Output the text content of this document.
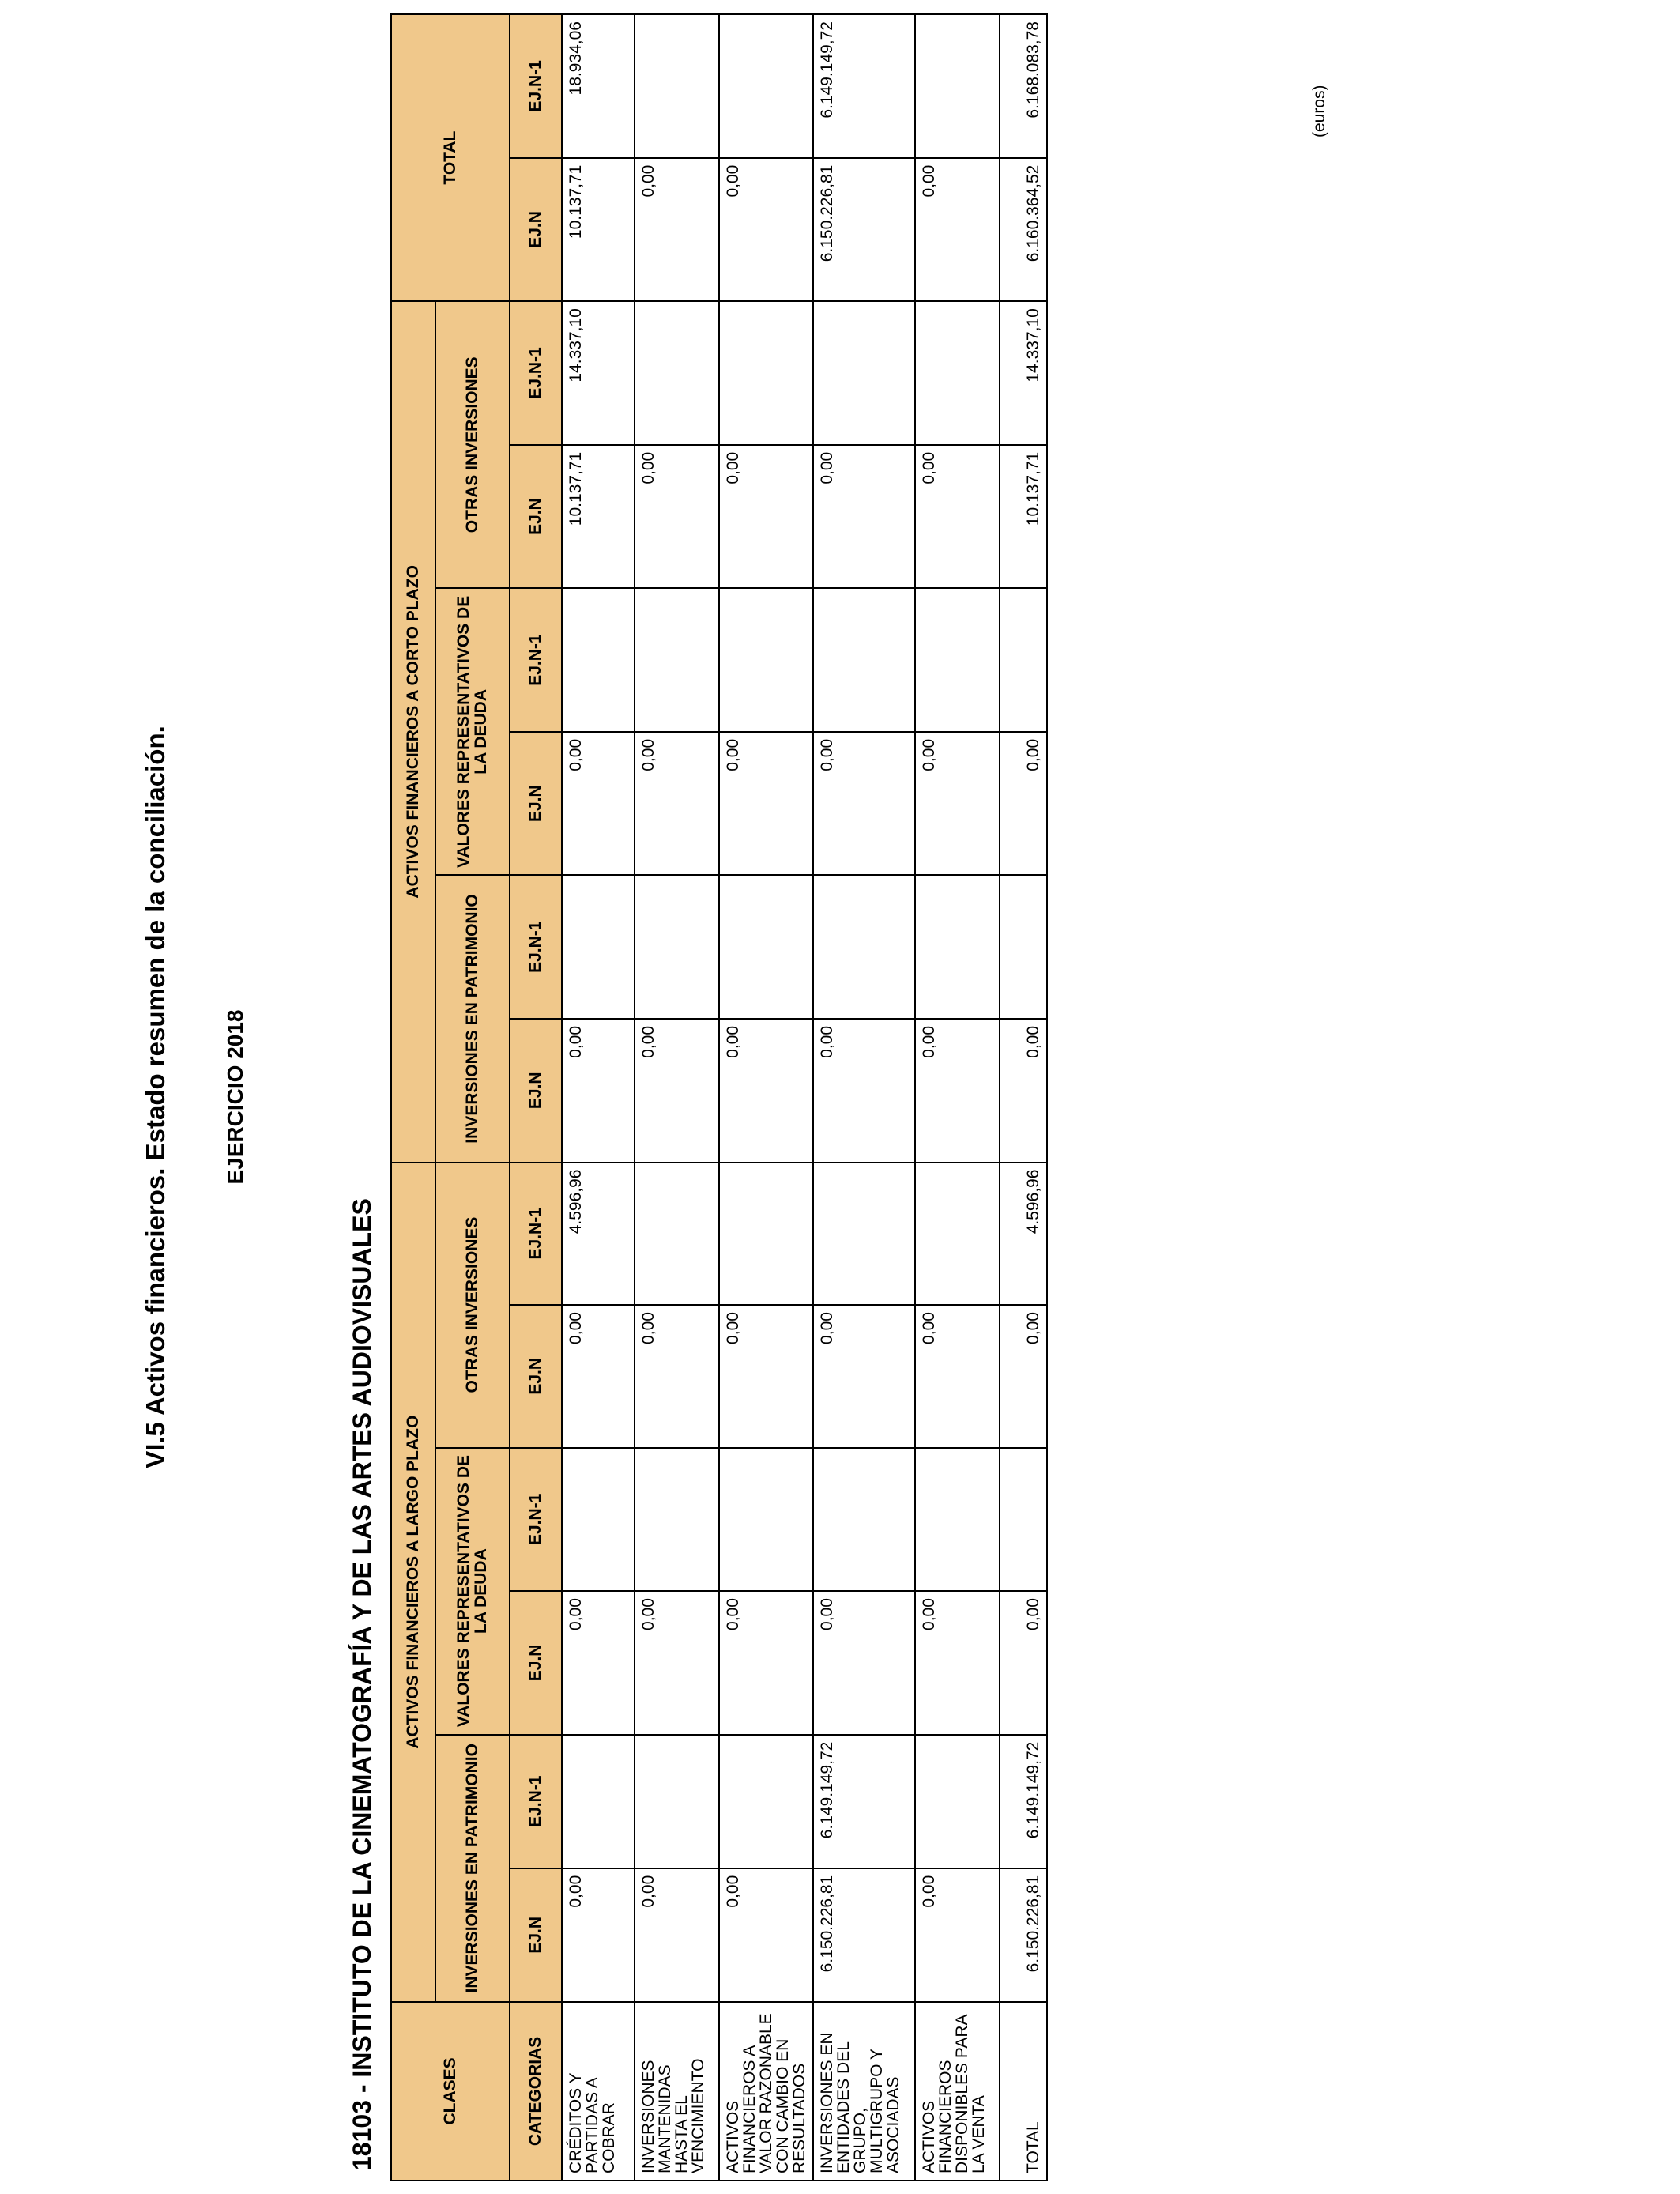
VI.5 Activos financieros. Estado resumen de la conciliación. EJERCICIO 2018
18103 - INSTITUTO DE LA CINEMATOGRAFÍA Y DE LAS ARTES AUDIOVISUALES
(euros)
CLASES	ACTIVOS FINANCIEROS A LARGO PLAZO						ACTIVOS FINANCIEROS A CORTO PLAZO						TOTAL	
	INVERSIONES EN PATRIMONIO		VALORES REPRESENTATIVOS DE LA DEUDA		OTRAS INVERSIONES		INVERSIONES EN PATRIMONIO		VALORES REPRESENTATIVOS DE LA DEUDA		OTRAS INVERSIONES			
CATEGORIAS	EJ.N	EJ.N-1	EJ.N	EJ.N-1	EJ.N	EJ.N-1	EJ.N	EJ.N-1	EJ.N	EJ.N-1	EJ.N	EJ.N-1	EJ.N	EJ.N-1
CRÉDITOS Y PARTIDAS A COBRAR	0,00		0,00		0,00	4.596,96	0,00		0,00		10.137,71	14.337,10	10.137,71	18.934,06
INVERSIONES MANTENIDAS HASTA EL VENCIMIENTO	0,00		0,00		0,00		0,00		0,00		0,00		0,00	
ACTIVOS FINANCIEROS A VALOR RAZONABLE CON CAMBIO EN RESULTADOS	0,00		0,00		0,00		0,00		0,00		0,00		0,00	
INVERSIONES EN ENTIDADES DEL GRUPO, MULTIGRUPO Y ASOCIADAS	6.150.226,81	6.149.149,72	0,00		0,00		0,00		0,00		0,00		6.150.226,81	6.149.149,72
ACTIVOS FINANCIEROS DISPONIBLES PARA LA VENTA	0,00		0,00		0,00		0,00		0,00		0,00		0,00	
TOTAL	6.150.226,81	6.149.149,72	0,00		0,00	4.596,96	0,00		0,00		10.137,71	14.337,10	6.160.364,52	6.168.083,78
